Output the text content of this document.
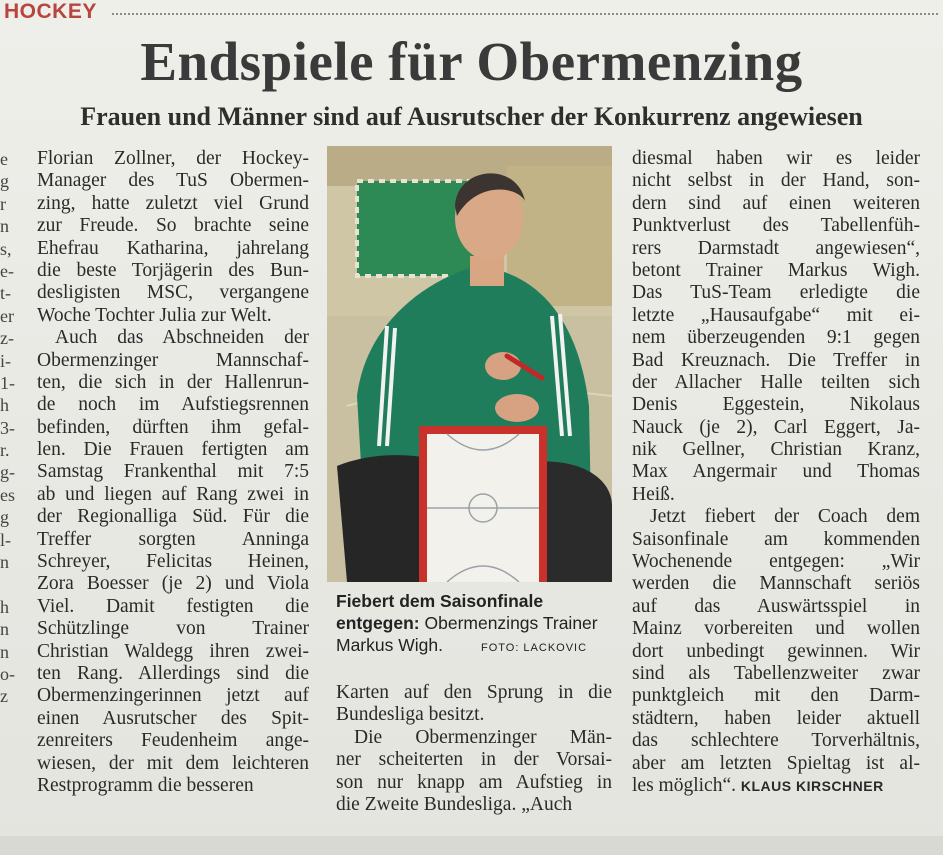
HOCKEY
Endspiele für Obermenzing
Frauen und Männer sind auf Ausrutscher der Konkurrenz angewiesen
e
g
r
n
s,
e-
t-
er
z-
i-
1-
h
3-
r.
g-
es
g
l-
n
h
n
n
o-
z
Florian Zollner, der Hockey-
Manager des TuS Obermen-
zing, hatte zuletzt viel Grund
zur Freude. So brachte seine
Ehefrau Katharina, jahrelang
die beste Torjägerin des Bun-
desligisten MSC, vergangene
Woche Tochter Julia zur Welt.
Auch das Abschneiden der
Obermenzinger Mannschaf-
ten, die sich in der Hallenrun-
de noch im Aufstiegsrennen
befinden, dürften ihm gefal-
len. Die Frauen fertigten am
Samstag Frankenthal mit 7:5
ab und liegen auf Rang zwei in
der Regionalliga Süd. Für die
Treffer sorgten Anninga
Schreyer, Felicitas Heinen,
Zora Boesser (je 2) und Viola
Viel. Damit festigten die
Schützlinge von Trainer
Christian Waldegg ihren zwei-
ten Rang. Allerdings sind die
Obermenzingerinnen jetzt auf
einen Ausrutscher des Spit-
zenreiters Feudenheim ange-
wiesen, der mit dem leichteren
Restprogramm die besseren
Fiebert dem Saisonfinale entgegen: Obermenzings Trainer Markus Wigh.	FOTO: LACKOVIC
Karten auf den Sprung in die
Bundesliga besitzt.
Die Obermenzinger Män-
ner scheiterten in der Vorsai-
son nur knapp am Aufstieg in
die Zweite Bundesliga. „Auch
diesmal haben wir es leider
nicht selbst in der Hand, son-
dern sind auf einen weiteren
Punktverlust des Tabellenfüh-
rers Darmstadt angewiesen“,
betont Trainer Markus Wigh.
Das TuS-Team erledigte die
letzte „Hausaufgabe“ mit ei-
nem überzeugenden 9:1 gegen
Bad Kreuznach. Die Treffer in
der Allacher Halle teilten sich
Denis Eggestein, Nikolaus
Nauck (je 2), Carl Eggert, Ja-
nik Gellner, Christian Kranz,
Max Angermair und Thomas
Heiß.
Jetzt fiebert der Coach dem
Saisonfinale am kommenden
Wochenende entgegen: „Wir
werden die Mannschaft seriös
auf das Auswärtsspiel in
Mainz vorbereiten und wollen
dort unbedingt gewinnen. Wir
sind als Tabellenzweiter zwar
punktgleich mit den Darm-
städtern, haben leider aktuell
das schlechtere Torverhältnis,
aber am letzten Spieltag ist al-
les möglich“. KLAUS KIRSCHNER
